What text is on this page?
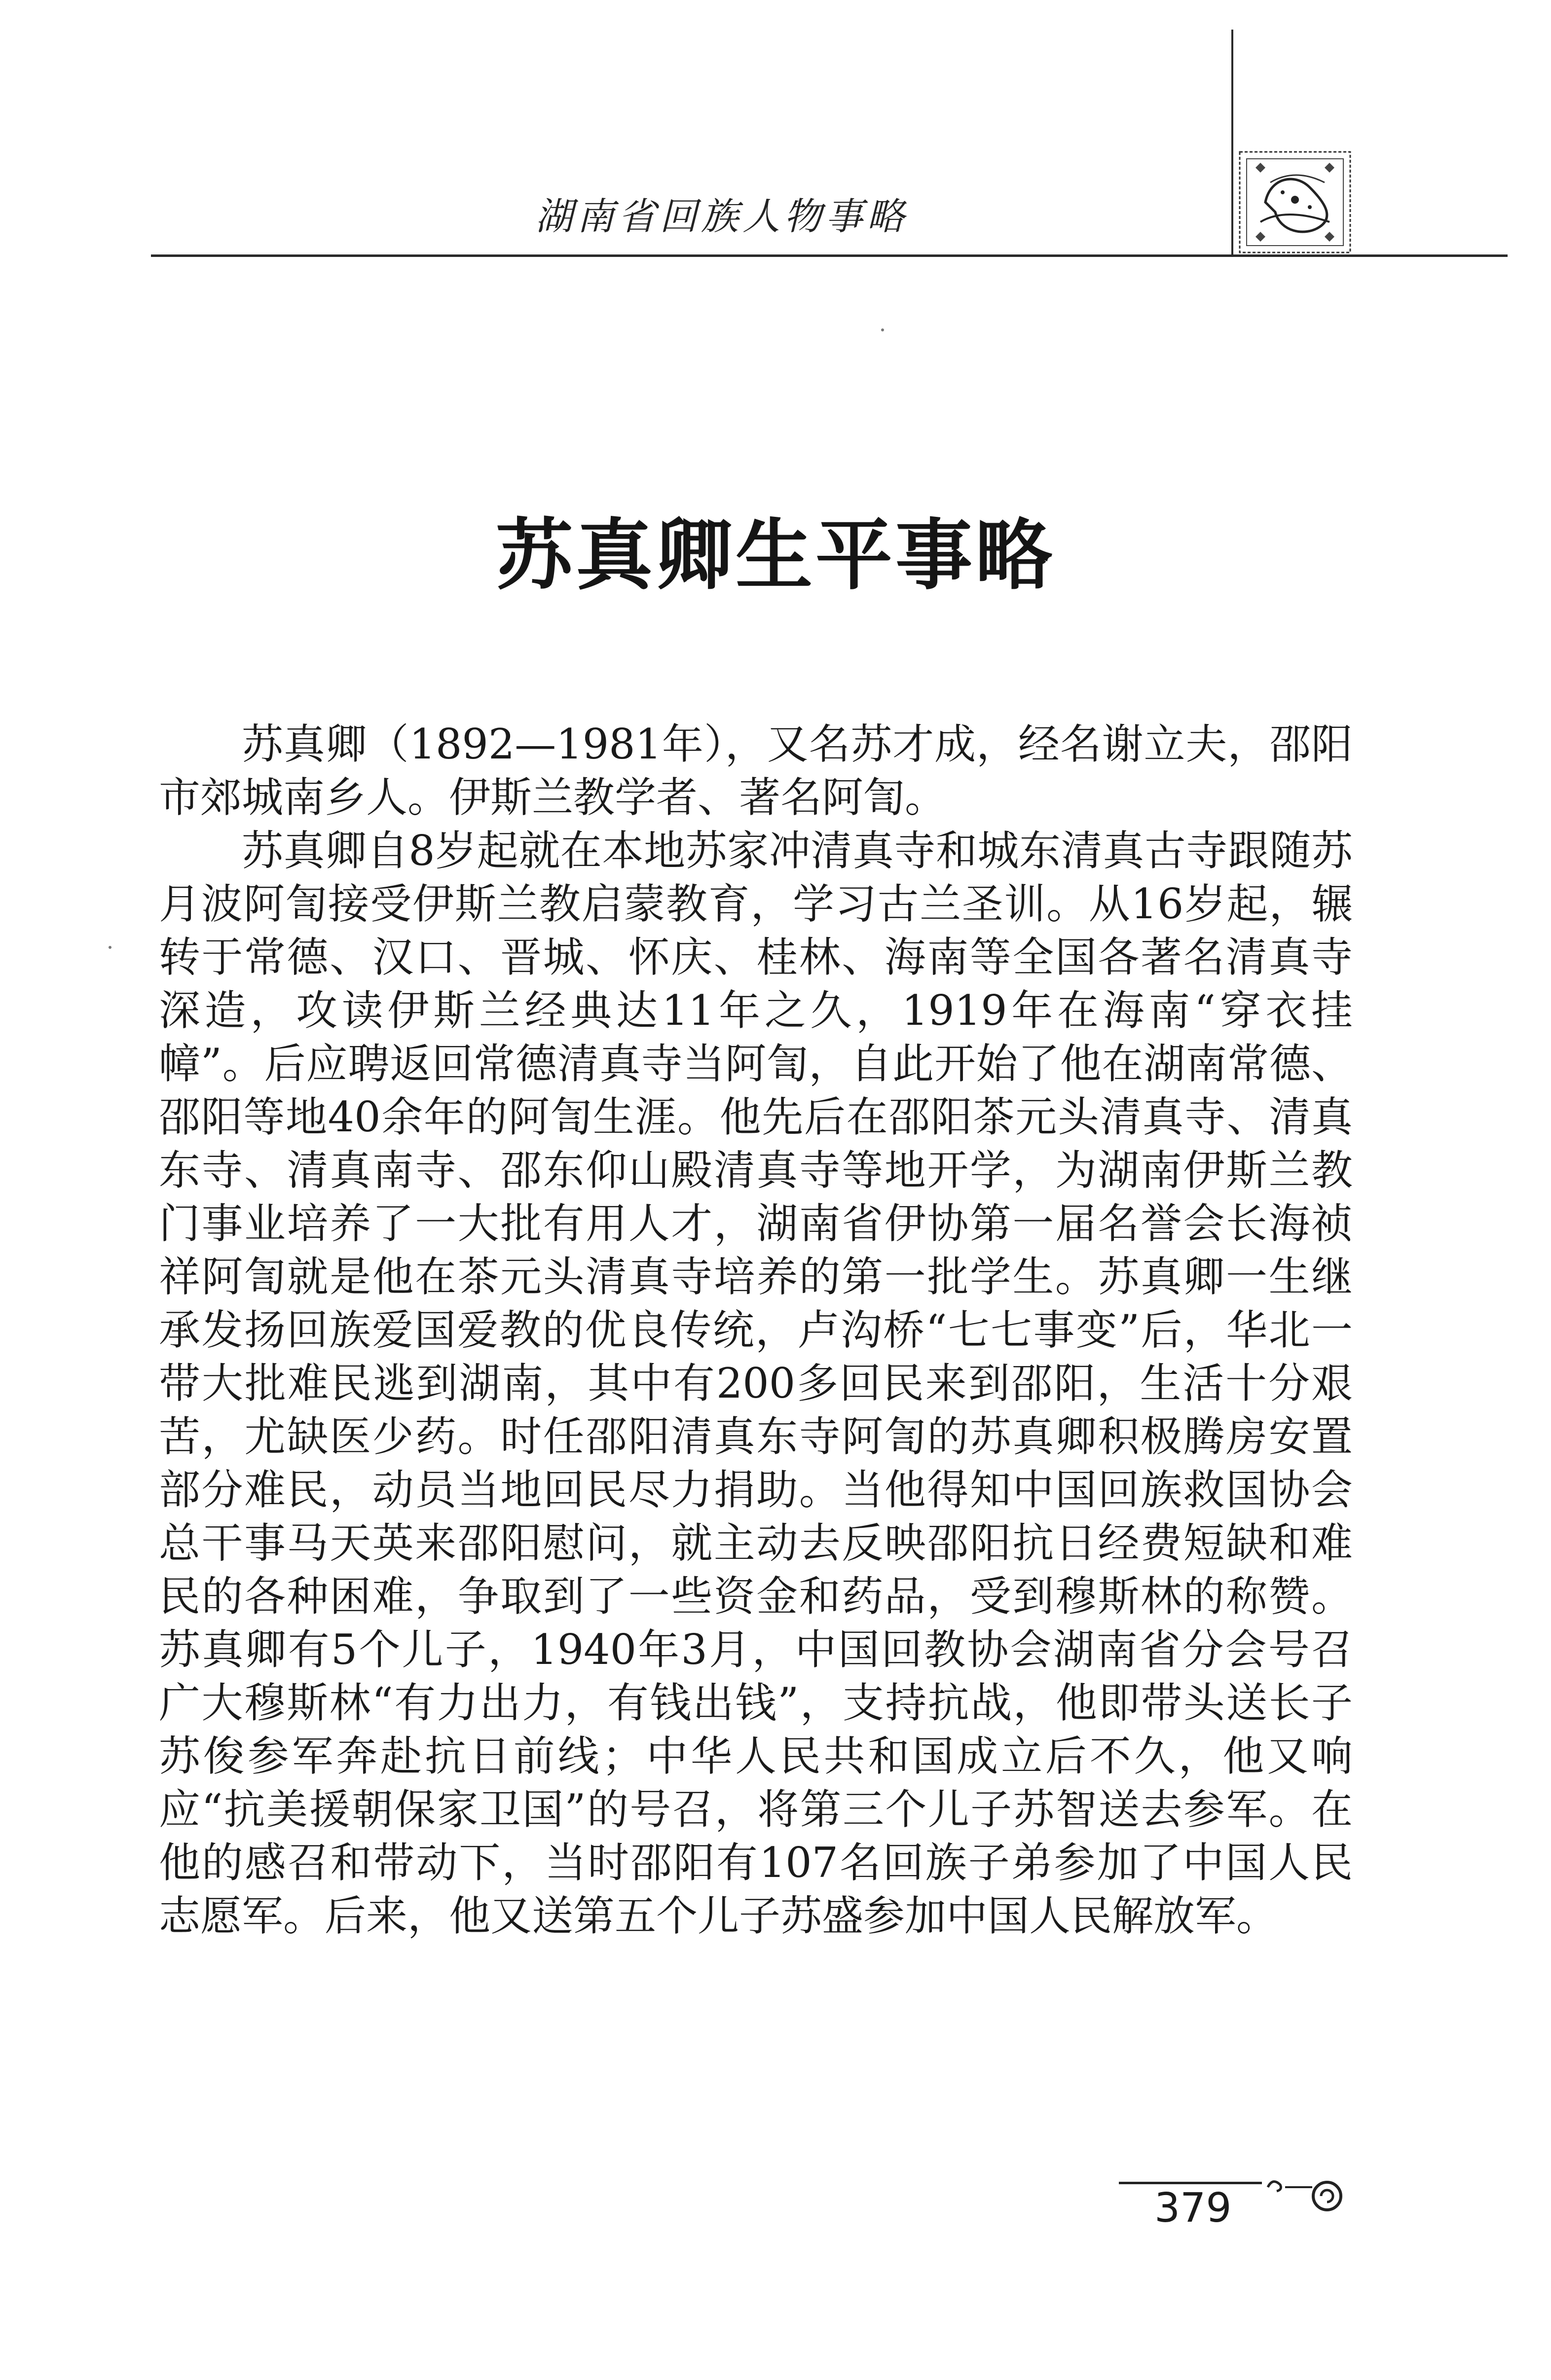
湖南省回族人物事略
苏真卿生平事略

苏真卿（1892—1981年），又名苏才成，经名谢立夫，邵阳市郊城南乡人。伊斯兰教学者、著名阿訇。

苏真卿自8岁起就在本地苏家冲清真寺和城东清真古寺跟随苏月波阿訇接受伊斯兰教启蒙教育，学习古兰圣训。从16岁起，辗转于常德、汉口、晋城、怀庆、桂林、海南等全国各著名清真寺深造，攻读伊斯兰经典达11年之久，1919年在海南“穿衣挂幛”。后应聘返回常德清真寺当阿訇，自此开始了他在湖南常德、邵阳等地40余年的阿訇生涯。他先后在邵阳茶元头清真寺、清真东寺、清真南寺、邵东仰山殿清真寺等地开学，为湖南伊斯兰教门事业培养了一大批有用人才，湖南省伊协第一届名誉会长海祯祥阿訇就是他在茶元头清真寺培养的第一批学生。苏真卿一生继承发扬回族爱国爱教的优良传统，卢沟桥“七七事变”后，华北一带大批难民逃到湖南，其中有200多回民来到邵阳，生活十分艰苦，尤缺医少药。时任邵阳清真东寺阿訇的苏真卿积极腾房安置部分难民，动员当地回民尽力捐助。当他得知中国回族救国协会总干事马天英来邵阳慰问，就主动去反映邵阳抗日经费短缺和难民的各种困难，争取到了一些资金和药品，受到穆斯林的称赞。苏真卿有5个儿子，1940年3月，中国回教协会湖南省分会号召广大穆斯林“有力出力，有钱出钱”，支持抗战，他即带头送长子苏俊参军奔赴抗日前线；中华人民共和国成立后不久，他又响应“抗美援朝保家卫国”的号召，将第三个儿子苏智送去参军。在他的感召和带动下，当时邵阳有107名回族子弟参加了中国人民志愿军。后来，他又送第五个儿子苏盛参加中国人民解放军。

379
